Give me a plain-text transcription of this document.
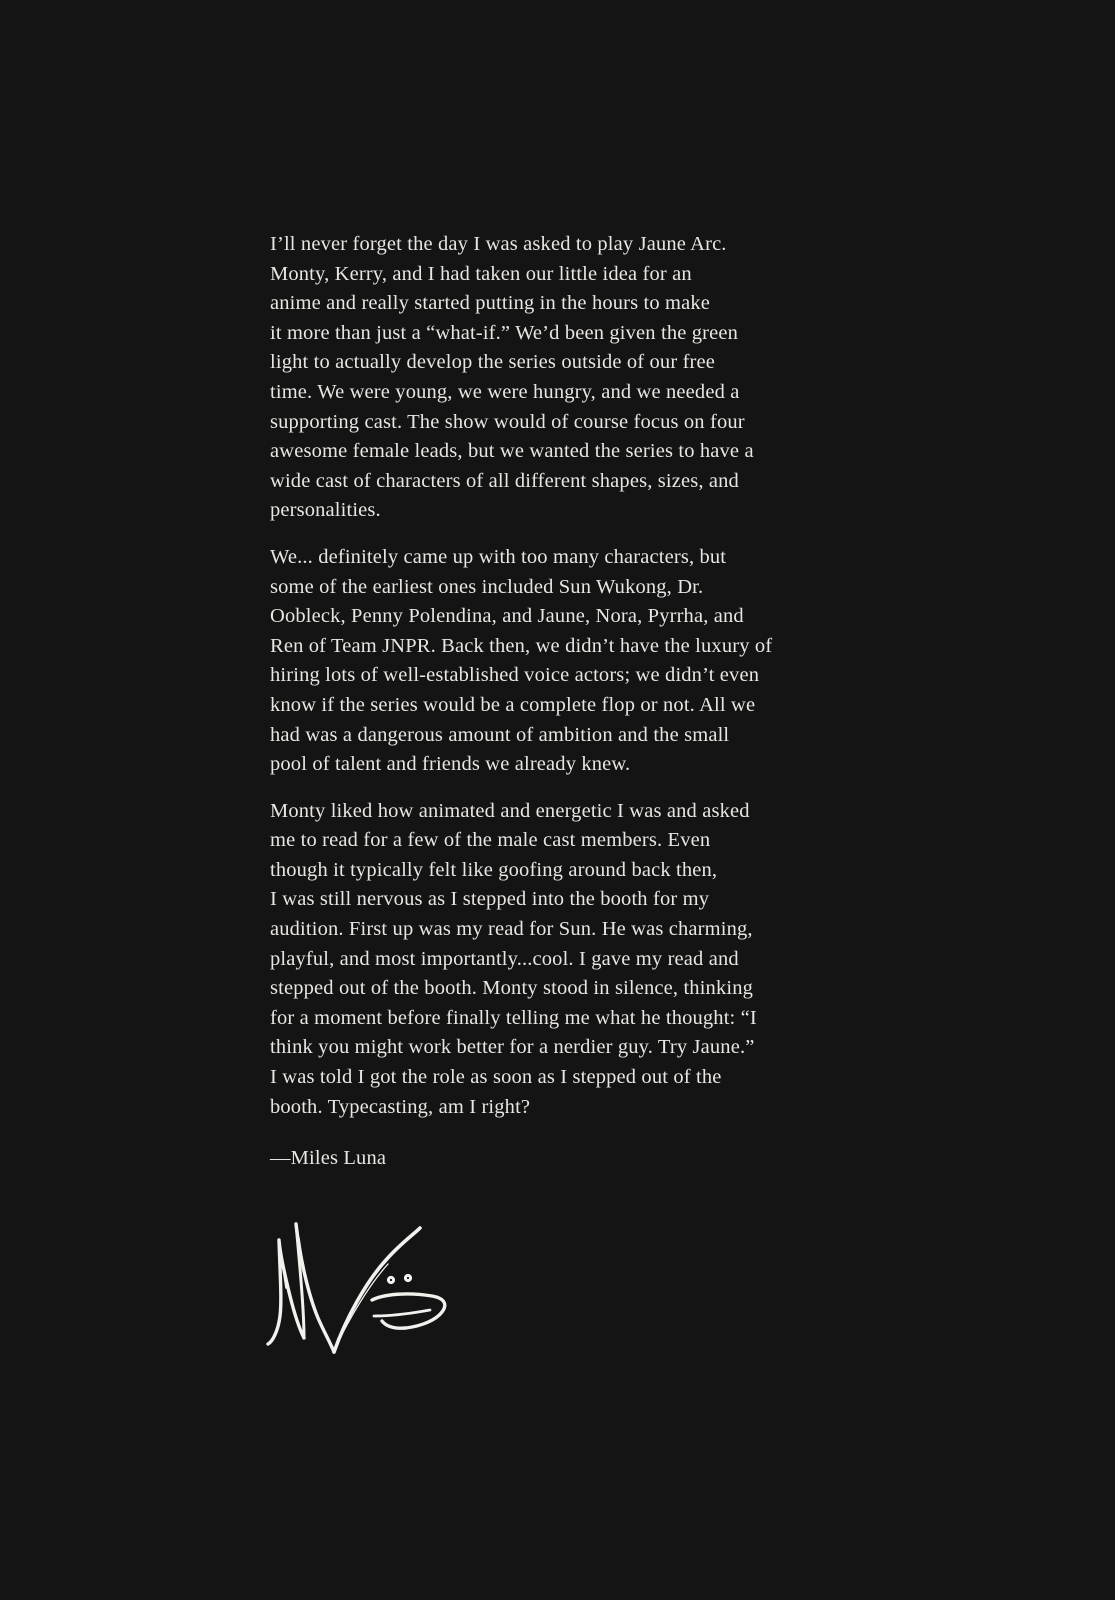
I’ll never forget the day I was asked to play Jaune Arc.
Monty, Kerry, and I had taken our little idea for an
anime and really started putting in the hours to make
it more than just a “what-if.” We’d been given the green
light to actually develop the series outside of our free
time. We were young, we were hungry, and we needed a
supporting cast. The show would of course focus on four
awesome female leads, but we wanted the series to have a
wide cast of characters of all different shapes, sizes, and
personalities.

We... definitely came up with too many characters, but
some of the earliest ones included Sun Wukong, Dr.
Oobleck, Penny Polendina, and Jaune, Nora, Pyrrha, and
Ren of Team JNPR. Back then, we didn’t have the luxury of
hiring lots of well-established voice actors; we didn’t even
know if the series would be a complete flop or not. All we
had was a dangerous amount of ambition and the small
pool of talent and friends we already knew.

Monty liked how animated and energetic I was and asked
me to read for a few of the male cast members. Even
though it typically felt like goofing around back then,
I was still nervous as I stepped into the booth for my
audition. First up was my read for Sun. He was charming,
playful, and most importantly...cool. I gave my read and
stepped out of the booth. Monty stood in silence, thinking
for a moment before finally telling me what he thought: “I
think you might work better for a nerdier guy. Try Jaune.”
I was told I got the role as soon as I stepped out of the
booth. Typecasting, am I right?

—Miles Luna
